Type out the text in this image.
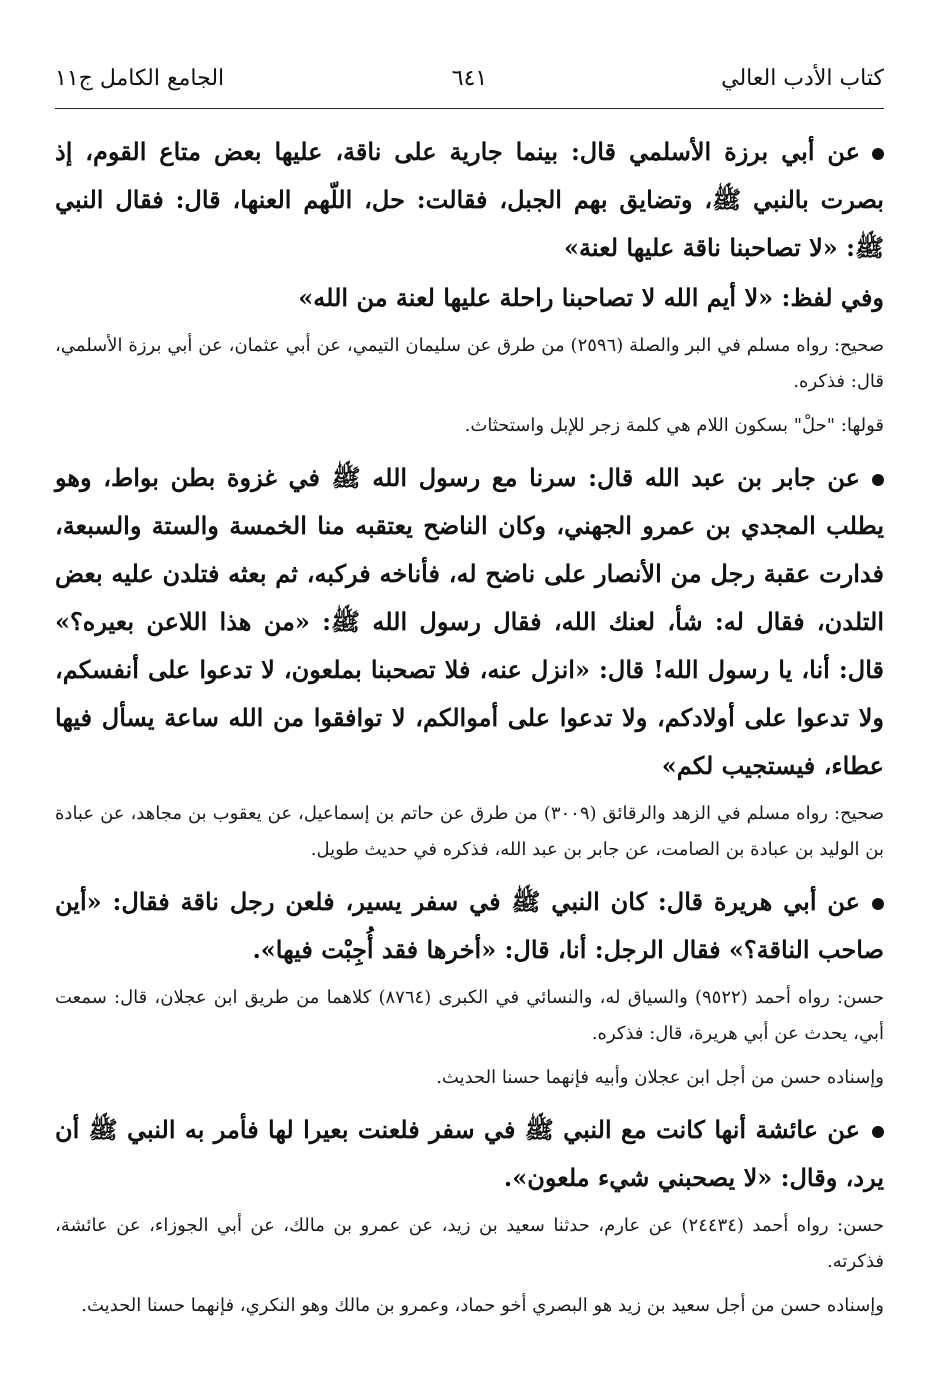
كتاب الأدب العالي
٦٤١
الجامع الكامل ج١١

عن أبي برزة الأسلمي قال: بينما جارية على ناقة، عليها بعض متاع القوم، إذ بصرت بالنبي ﷺ، وتضايق بهم الجبل، فقالت: حل، اللّهم العنها، قال: فقال النبي ﷺ: «لا تصاحبنا ناقة عليها لعنة»

وفي لفظ: «لا أيم الله لا تصاحبنا راحلة عليها لعنة من الله»

صحيح: رواه مسلم في البر والصلة (٢٥٩٦) من طرق عن سليمان التيمي، عن أبي عثمان، عن أبي برزة الأسلمي، قال: فذكره.

قولها: "حلْ" بسكون اللام هي كلمة زجر للإبل واستحثاث.

عن جابر بن عبد الله قال: سرنا مع رسول الله ﷺ في غزوة بطن بواط، وهو يطلب المجدي بن عمرو الجهني، وكان الناضح يعتقبه منا الخمسة والستة والسبعة، فدارت عقبة رجل من الأنصار على ناضح له، فأناخه فركبه، ثم بعثه فتلدن عليه بعض التلدن، فقال له: شأ، لعنك الله، فقال رسول الله ﷺ: «من هذا اللاعن بعيره؟» قال: أنا، يا رسول الله! قال: «انزل عنه، فلا تصحبنا بملعون، لا تدعوا على أنفسكم، ولا تدعوا على أولادكم، ولا تدعوا على أموالكم، لا توافقوا من الله ساعة يسأل فيها عطاء، فيستجيب لكم»

صحيح: رواه مسلم في الزهد والرقائق (٣٠٠٩) من طرق عن حاتم بن إسماعيل، عن يعقوب بن مجاهد، عن عبادة بن الوليد بن عبادة بن الصامت، عن جابر بن عبد الله، فذكره في حديث طويل.

عن أبي هريرة قال: كان النبي ﷺ في سفر يسير، فلعن رجل ناقة فقال: «أين صاحب الناقة؟» فقال الرجل: أنا، قال: «أخرها فقد أُجِبْت فيها».

حسن: رواه أحمد (٩٥٢٢) والسياق له، والنسائي في الكبرى (٨٧٦٤) كلاهما من طريق ابن عجلان، قال: سمعت أبي، يحدث عن أبي هريرة، قال: فذكره.

وإسناده حسن من أجل ابن عجلان وأبيه فإنهما حسنا الحديث.

عن عائشة أنها كانت مع النبي ﷺ في سفر فلعنت بعيرا لها فأمر به النبي ﷺ أن يرد، وقال: «لا يصحبني شيء ملعون».

حسن: رواه أحمد (٢٤٤٣٤) عن عارم، حدثنا سعيد بن زيد، عن عمرو بن مالك، عن أبي الجوزاء، عن عائشة، فذكرته.

وإسناده حسن من أجل سعيد بن زيد هو البصري أخو حماد، وعمرو بن مالك وهو النكري، فإنهما حسنا الحديث.
